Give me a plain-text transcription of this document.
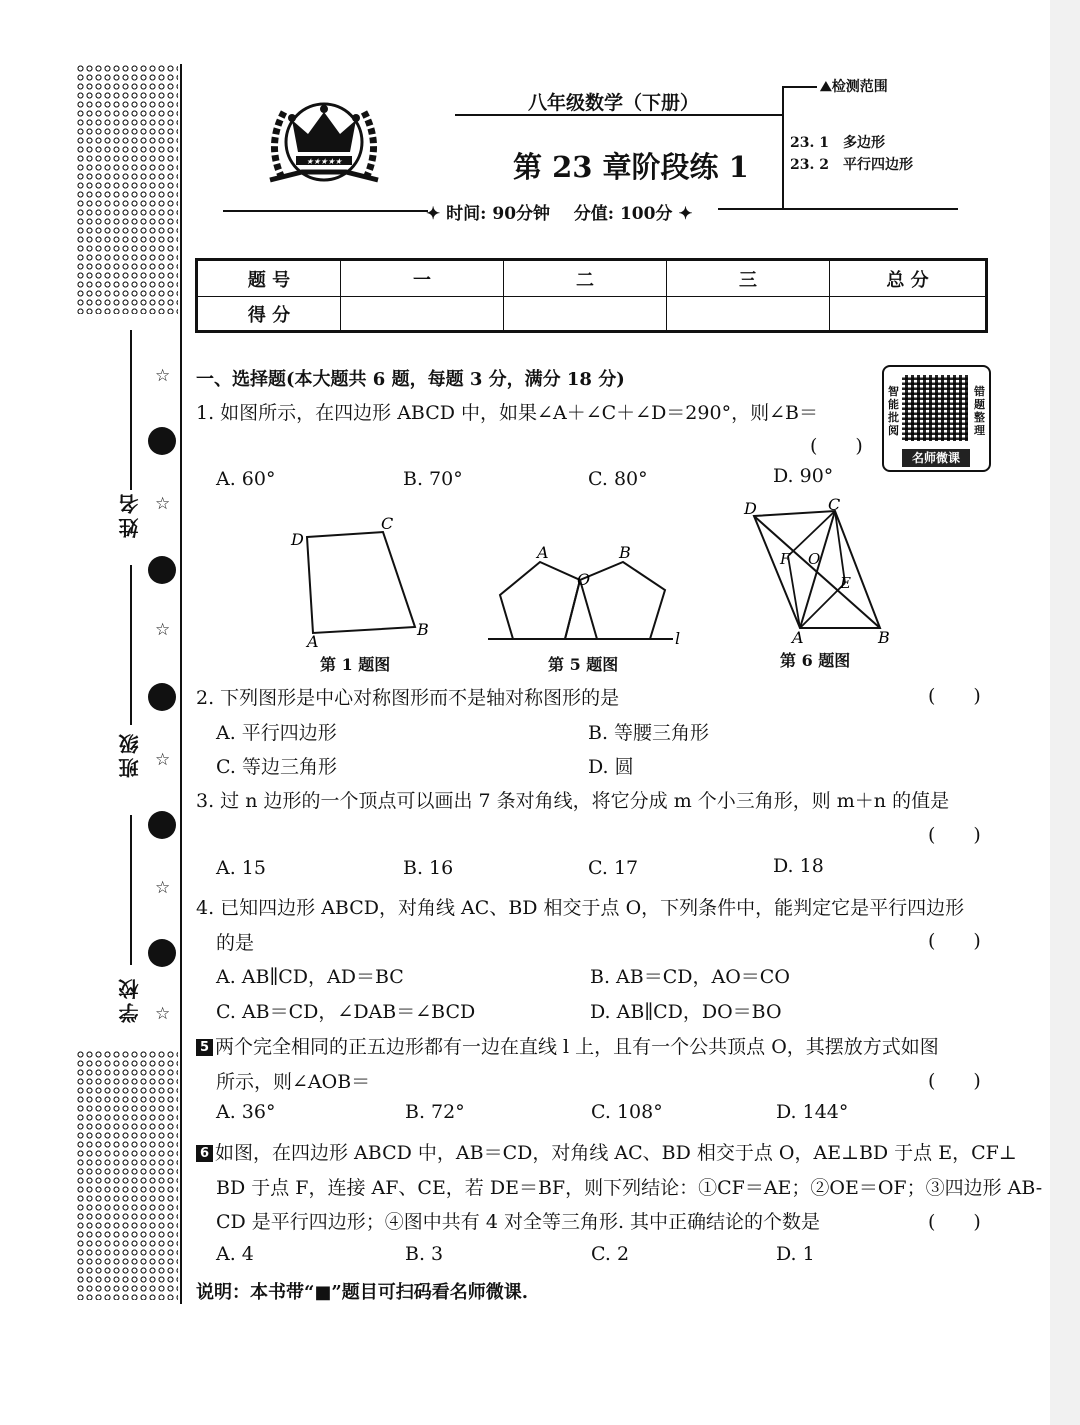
姓名
班级
学校
☆
☆
☆
☆
☆
☆
★★★★★
八年级数学（下册）
⛰检测范围
23. 1　多边形
23. 2　平行四边形
第 23 章阶段练 1
✦ 时间: 90分钟 分值: 100分 ✦
题 号	一	二	三	总 分
得 分				
智能批阅
错题整理
名师微课
一、选择题(本大题共 6 题，每题 3 分，满分 18 分)
1. 如图所示，在四边形 ABCD 中，如果∠A＋∠C＋∠D＝290°，则∠B＝
(　　)
A. 60°	B. 70°	C. 80°	D. 90°
D
C
A
B
第 1 题图
A	B
O
l
第 5 题图
D	C
F O
E
A	B
第 6 题图
2. 下列图形是中心对称图形而不是轴对称图形的是	(　　)
A. 平行四边形	B. 等腰三角形
C. 等边三角形	D. 圆
3. 过 n 边形的一个顶点可以画出 7 条对角线，将它分成 m 个小三角形，则 m＋n 的值是
(　　)
A. 15	B. 16	C. 17	D. 18
4. 已知四边形 ABCD，对角线 AC、BD 相交于点 O，下列条件中，能判定它是平行四边形
的是	(　　)
A. AB∥CD，AD＝BC	B. AB＝CD，AO＝CO
C. AB＝CD，∠DAB＝∠BCD	D. AB∥CD，DO＝BO
5 两个完全相同的正五边形都有一边在直线 l 上，且有一个公共顶点 O，其摆放方式如图
所示，则∠AOB＝	(　　)
A. 36°	B. 72°	C. 108°	D. 144°
6 如图，在四边形 ABCD 中，AB＝CD，对角线 AC、BD 相交于点 O，AE⊥BD 于点 E，CF⊥
BD 于点 F，连接 AF、CE，若 DE＝BF，则下列结论：①CF＝AE；②OE＝OF；③四边形 AB-
CD 是平行四边形；④图中共有 4 对全等三角形. 其中正确结论的个数是	(　　)
A. 4	B. 3	C. 2	D. 1
说明：本书带“■”题目可扫码看名师微课.
